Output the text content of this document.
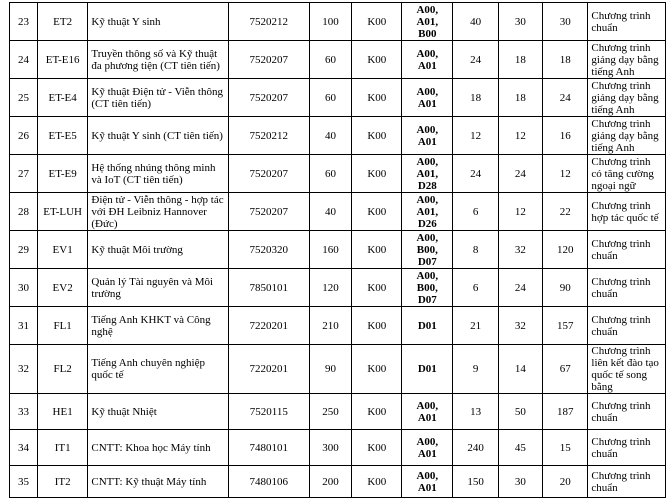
23	ET2	Kỹ thuật Y sinh	7520212	100	K00	A00,
A01,
B00	40	30	30	Chương trình chuẩn
24	ET-E16	Truyền thông số và Kỹ thuật đa phương tiện (CT tiên tiến)	7520207	60	K00	A00,
A01	24	18	18	Chương trình giảng dạy bằng tiếng Anh
25	ET-E4	Kỹ thuật Điện tử - Viễn thông (CT tiên tiến)	7520207	60	K00	A00,
A01	18	18	24	Chương trình giảng dạy bằng tiếng Anh
26	ET-E5	Kỹ thuật Y sinh (CT tiên tiến)	7520212	40	K00	A00,
A01	12	12	16	Chương trình giảng dạy bằng tiếng Anh
27	ET-E9	Hệ thống nhúng thông minh và IoT (CT tiên tiến)	7520207	60	K00	A00,
A01,
D28	24	24	12	Chương trình có tăng cường ngoại ngữ
28	ET-LUH	Điện tử - Viễn thông - hợp tác với ĐH Leibniz Hannover (Đức)	7520207	40	K00	A00,
A01,
D26	6	12	22	Chương trình hợp tác quốc tế
29	EV1	Kỹ thuật Môi trường	7520320	160	K00	A00,
B00,
D07	8	32	120	Chương trình chuẩn
30	EV2	Quản lý Tài nguyên và Môi trường	7850101	120	K00	A00,
B00,
D07	6	24	90	Chương trình chuẩn
31	FL1	Tiếng Anh KHKT và Công nghệ	7220201	210	K00	D01	21	32	157	Chương trình chuẩn
32	FL2	Tiếng Anh chuyên nghiệp quốc tế	7220201	90	K00	D01	9	14	67	Chương trình liên kết đào tạo quốc tế song bằng
33	HE1	Kỹ thuật Nhiệt	7520115	250	K00	A00,
A01	13	50	187	Chương trình chuẩn
34	IT1	CNTT: Khoa học Máy tính	7480101	300	K00	A00,
A01	240	45	15	Chương trình chuẩn
35	IT2	CNTT: Kỹ thuật Máy tính	7480106	200	K00	A00,
A01	150	30	20	Chương trình chuẩn
